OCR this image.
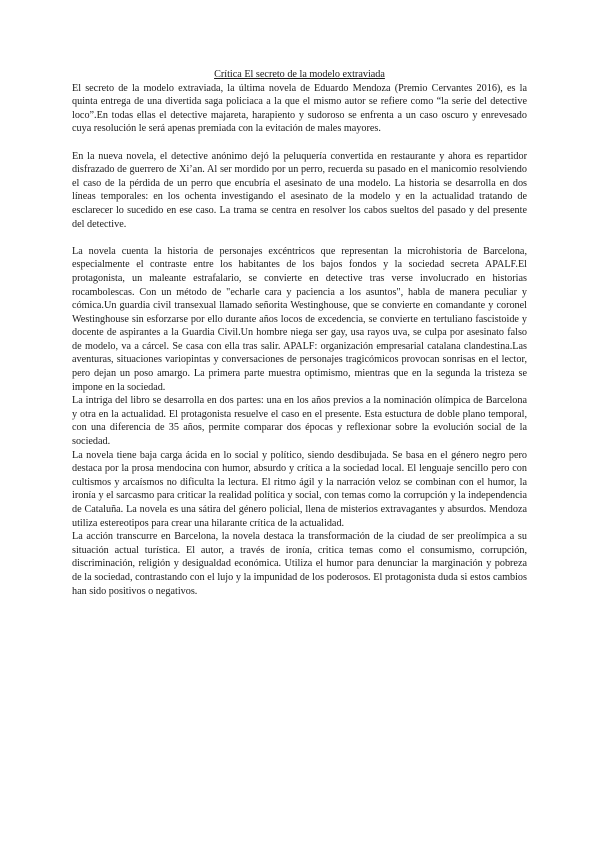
Crítica El secreto de la modelo extraviada

El secreto de la modelo extraviada, la última novela de Eduardo Mendoza (Premio Cervantes 2016), es la quinta entrega de una divertida saga policiaca a la que el mismo autor se refiere como “la serie del detective loco”.En todas ellas el detective majareta, harapiento y sudoroso se enfrenta a un caso oscuro y enrevesado cuya resolución le será apenas premiada con la evitación de males mayores.

En la nueva novela, el detective anónimo dejó la peluquería convertida en restaurante y ahora es repartidor disfrazado de guerrero de Xi’an. Al ser mordido por un perro, recuerda su pasado en el manicomio resolviendo el caso de la pérdida de un perro que encubría el asesinato de una modelo. La historia se desarrolla en dos líneas temporales: en los ochenta investigando el asesinato de la modelo y en la actualidad tratando de esclarecer lo sucedido en ese caso. La trama se centra en resolver los cabos sueltos del pasado y del presente del detective.

La novela cuenta la historia de personajes excéntricos que representan la microhistoria de Barcelona, especialmente el contraste entre los habitantes de los bajos fondos y la sociedad secreta APALF.El protagonista, un maleante estrafalario, se convierte en detective tras verse involucrado en historias rocambolescas. Con un método de "echarle cara y paciencia a los asuntos", habla de manera peculiar y cómica.Un guardia civil transexual llamado señorita Westinghouse, que se convierte en comandante y coronel Westinghouse sin esforzarse por ello durante años locos de excedencia, se convierte en tertuliano fascistoide y docente de aspirantes a la Guardia Civil.Un hombre niega ser gay, usa rayos uva, se culpa por asesinato falso de modelo, va a cárcel. Se casa con ella tras salir. APALF: organización empresarial catalana clandestina.Las aventuras, situaciones variopintas y conversaciones de personajes tragicómicos provocan sonrisas en el lector, pero dejan un poso amargo. La primera parte muestra optimismo, mientras que en la segunda la tristeza se impone en la sociedad.

La intriga del libro se desarrolla en dos partes: una en los años previos a la nominación olímpica de Barcelona y otra en la actualidad. El protagonista resuelve el caso en el presente. Esta estuctura de doble plano temporal, con una diferencia de 35 años, permite comparar dos épocas y reflexionar sobre la evolución social de la sociedad.

La novela tiene baja carga ácida en lo social y político, siendo desdibujada. Se basa en el género negro pero destaca por la prosa mendocina con humor, absurdo y crítica a la sociedad local. El lenguaje sencillo pero con cultismos y arcaísmos no dificulta la lectura. El ritmo ágil y la narración veloz se combinan con el humor, la ironía y el sarcasmo para criticar la realidad política y social, con temas como la corrupción y la independencia de Cataluña. La novela es una sátira del género policial, llena de misterios extravagantes y absurdos. Mendoza utiliza estereotipos para crear una hilarante crítica de la actualidad.

La acción transcurre en Barcelona, la novela destaca la transformación de la ciudad de ser preolímpica a su situación actual turística. El autor, a través de ironía, critica temas como el consumismo, corrupción, discriminación, religión y desigualdad económica. Utiliza el humor para denunciar la marginación y pobreza de la sociedad, contrastando con el lujo y la impunidad de los poderosos. El protagonista duda si estos cambios han sido positivos o negativos.
